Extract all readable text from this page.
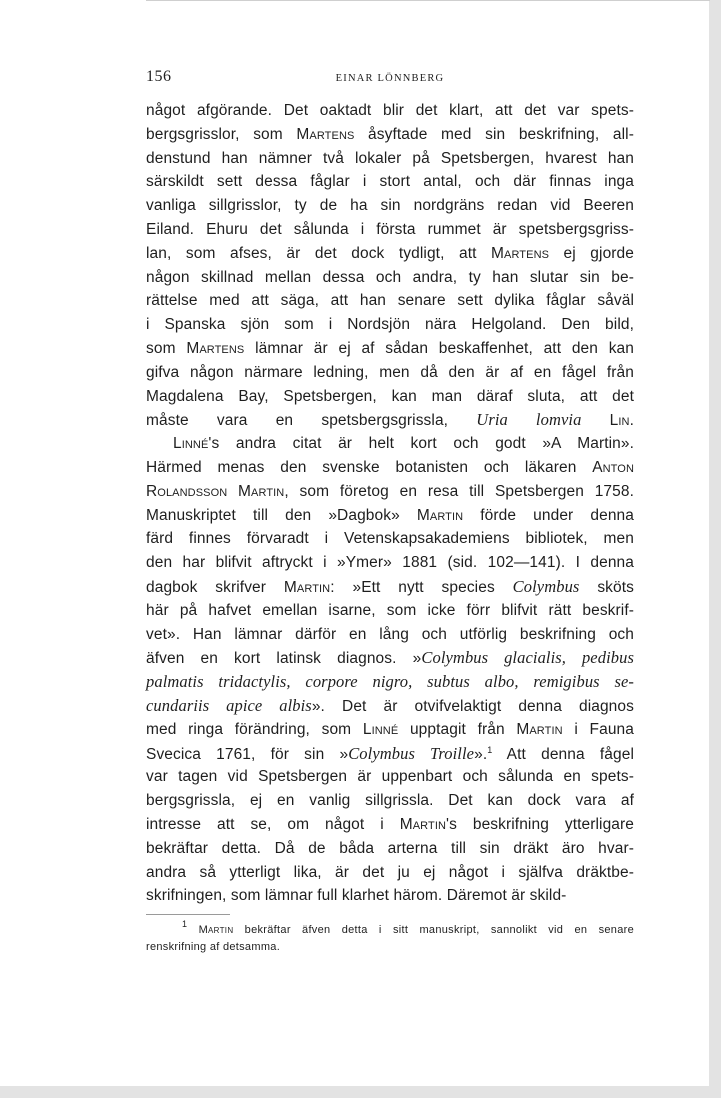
156	EINAR LÖNNBERG
något afgörande. Det oaktadt blir det klart, att det var spets-
bergsgrisslor, som Martens åsyftade med sin beskrifning, all-
denstund han nämner två lokaler på Spetsbergen, hvarest han
särskildt sett dessa fåglar i stort antal, och där finnas inga
vanliga sillgrisslor, ty de ha sin nordgräns redan vid Beeren
Eiland. Ehuru det sålunda i första rummet är spetsbergsgriss-
lan, som afses, är det dock tydligt, att Martens ej gjorde
någon skillnad mellan dessa och andra, ty han slutar sin be-
rättelse med att säga, att han senare sett dylika fåglar såväl
i Spanska sjön som i Nordsjön nära Helgoland. Den bild,
som Martens lämnar är ej af sådan beskaffenhet, att den kan
gifva någon närmare ledning, men då den är af en fågel från
Magdalena Bay, Spetsbergen, kan man däraf sluta, att det
måste vara en spetsbergsgrissla, Uria lomvia Lin.
Linné's andra citat är helt kort och godt »A Martin».
Härmed menas den svenske botanisten och läkaren Anton
Rolandsson Martin, som företog en resa till Spetsbergen 1758.
Manuskriptet till den »Dagbok» Martin förde under denna
färd finnes förvaradt i Vetenskapsakademiens bibliotek, men
den har blifvit aftryckt i »Ymer» 1881 (sid. 102—141). I denna
dagbok skrifver Martin: »Ett nytt species Colymbus sköts
här på hafvet emellan isarne, som icke förr blifvit rätt beskrif-
vet». Han lämnar därför en lång och utförlig beskrifning och
äfven en kort latinsk diagnos. »Colymbus glacialis, pedibus
palmatis tridactylis, corpore nigro, subtus albo, remigibus se-
cundariis apice albis». Det är otvifvelaktigt denna diagnos
med ringa förändring, som Linné upptagit från Martin i Fauna
Svecica 1761, för sin »Colymbus Troille».$^1$ Att denna fågel
var tagen vid Spetsbergen är uppenbart och sålunda en spets-
bergsgrissla, ej en vanlig sillgrissla. Det kan dock vara af
intresse att se, om något i Martin's beskrifning ytterligare
bekräftar detta. Då de båda arterna till sin dräkt äro hvar-
andra så ytterligt lika, är det ju ej något i själfva dräktbe-
skrifningen, som lämnar full klarhet härom. Däremot är skild-
$^1$ Martin bekräftar äfven detta i sitt manuskript, sannolikt vid en senare
renskrifning af detsamma.
